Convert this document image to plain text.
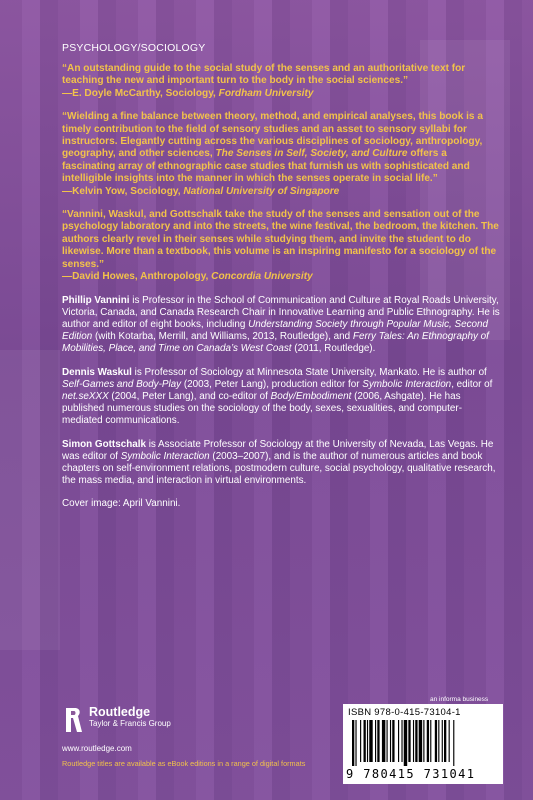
PSYCHOLOGY/SOCIOLOGY

“An outstanding guide to the social study of the senses and an authoritative text for teaching the new and important turn to the body in the social sciences.”

—E. Doyle McCarthy, Sociology, Fordham University

“Wielding a fine balance between theory, method, and empirical analyses, this book is a timely contribution to the field of sensory studies and an asset to sensory syllabi for instructors. Elegantly cutting across the various disciplines of sociology, anthropology, geography, and other sciences, The Senses in Self, Society, and Culture offers a fascinating array of ethnographic case studies that furnish us with sophisticated and intelligible insights into the manner in which the senses operate in social life.”

—Kelvin Yow, Sociology, National University of Singapore

“Vannini, Waskul, and Gottschalk take the study of the senses and sensation out of the psychology laboratory and into the streets, the wine festival, the bedroom, the kitchen. The authors clearly revel in their senses while studying them, and invite the student to do likewise. More than a textbook, this volume is an inspiring manifesto for a sociology of the senses.”

—David Howes, Anthropology, Concordia University

Phillip Vannini is Professor in the School of Communication and Culture at Royal Roads University, Victoria, Canada, and Canada Research Chair in Innovative Learning and Public Ethnography. He is author and editor of eight books, including Understanding Society through Popular Music, Second Edition (with Kotarba, Merrill, and Williams, 2013, Routledge), and Ferry Tales: An Ethnography of Mobilities, Place, and Time on Canada’s West Coast (2011, Routledge).

Dennis Waskul is Professor of Sociology at Minnesota State University, Mankato. He is author of Self-Games and Body-Play (2003, Peter Lang), production editor for Symbolic Interaction, editor of net.seXXX (2004, Peter Lang), and co-editor of Body/Embodiment (2006, Ashgate). He has published numerous studies on the sociology of the body, sexes, sexualities, and computer-mediated communications.

Simon Gottschalk is Associate Professor of Sociology at the University of Nevada, Las Vegas. He was editor of Symbolic Interaction (2003–2007), and is the author of numerous articles and book chapters on self-environment relations, postmodern culture, social psychology, qualitative research, the mass media, and interaction in virtual environments.

Cover image: April Vannini.
Routledge
Taylor & Francis Group
www.routledge.com
Routledge titles are available as eBook editions in a range of digital formats
an informa business
ISBN 978-0-415-73104-1
9 780415 731041
